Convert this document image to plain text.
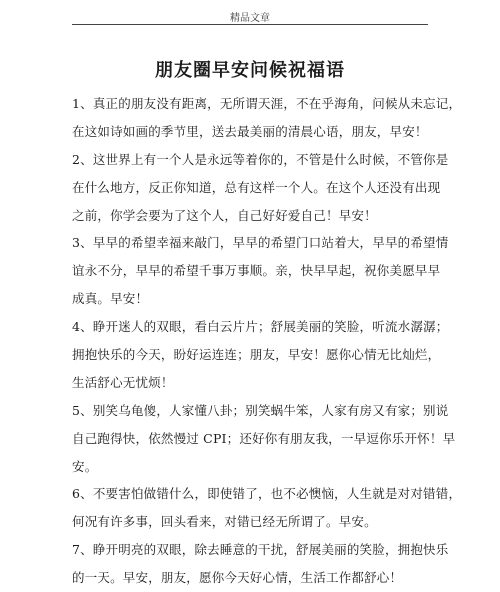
精品文章
朋友圈早安问候祝福语
1、真正的朋友没有距离，无所谓天涯，不在乎海角，问候从未忘记，
在这如诗如画的季节里，送去最美丽的清晨心语，朋友，早安！
2、这世界上有一个人是永远等着你的，不管是什么时候，不管你是
在什么地方，反正你知道，总有这样一个人。在这个人还没有出现
之前，你学会要为了这个人，自己好好爱自己！早安！
3、早早的希望幸福来敲门，早早的希望门口站着大，早早的希望情
谊永不分，早早的希望千事万事顺。亲，快早早起，祝你美愿早早
成真。早安！
4、睁开迷人的双眼，看白云片片；舒展美丽的笑脸，听流水潺潺；
拥抱快乐的今天，盼好运连连；朋友，早安！愿你心情无比灿烂，
生活舒心无忧烦！
5、别笑乌龟傻，人家懂八卦；别笑蜗牛笨，人家有房又有家；别说
自己跑得快，依然慢过 CPI；还好你有朋友我，一早逗你乐开怀！早
安。
6、不要害怕做错什么，即使错了，也不必懊恼，人生就是对对错错，
何况有许多事，回头看来，对错已经无所谓了。早安。
7、睁开明亮的双眼，除去睡意的干扰，舒展美丽的笑脸，拥抱快乐
的一天。早安，朋友，愿你今天好心情，生活工作都舒心！
